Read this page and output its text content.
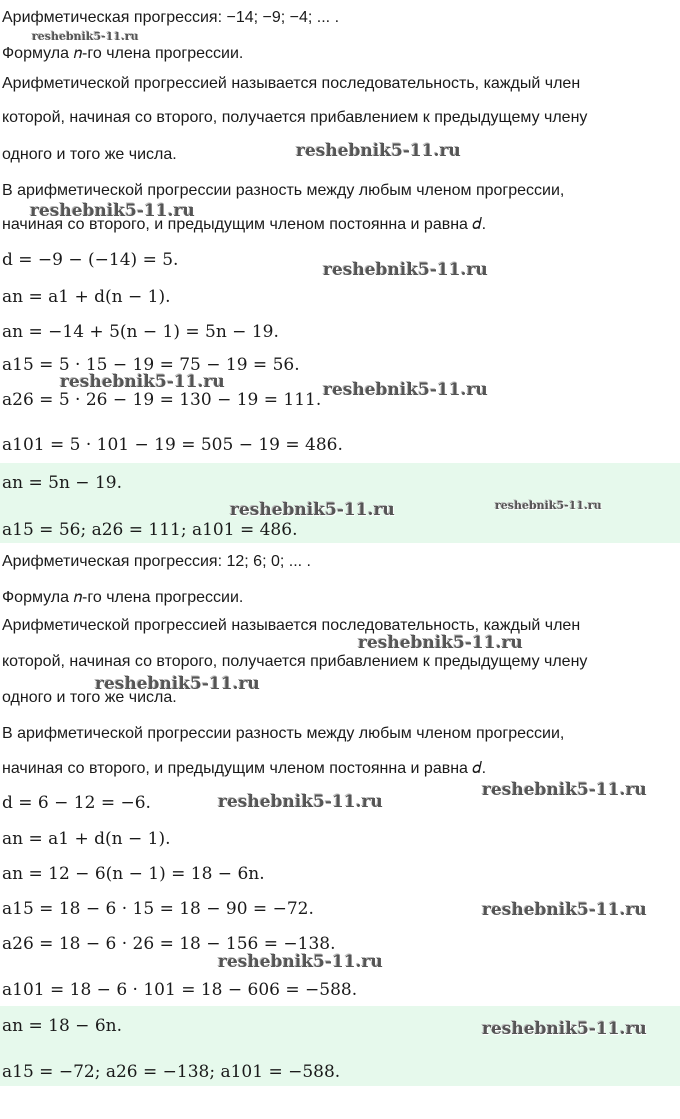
Арифметическая прогрессия: −14; −9; −4; ... .
Формула 𝑛-го члена прогрессии.
Арифметической прогрессией называется последовательность, каждый член
которой, начиная со второго, получается прибавлением к предыдущему члену
одного и того же числа.
В арифметической прогрессии разность между любым членом прогрессии,
начиная со второго, и предыдущим членом постоянна и равна 𝑑.
d = −9 − (−14) = 5.
an = a1 + d(n − 1).
an = −14 + 5(n − 1) = 5n − 19.
a15 = 5 · 15 − 19 = 75 − 19 = 56.
a26 = 5 · 26 − 19 = 130 − 19 = 111.
a101 = 5 · 101 − 19 = 505 − 19 = 486.
an = 5n − 19.
a15 = 56; a26 = 111; a101 = 486.
Арифметическая прогрессия: 12; 6; 0; ... .
Формула 𝑛-го члена прогрессии.
Арифметической прогрессией называется последовательность, каждый член
которой, начиная со второго, получается прибавлением к предыдущему члену
одного и того же числа.
В арифметической прогрессии разность между любым членом прогрессии,
начиная со второго, и предыдущим членом постоянна и равна 𝑑.
d = 6 − 12 = −6.
an = a1 + d(n − 1).
an = 12 − 6(n − 1) = 18 − 6n.
a15 = 18 − 6 · 15 = 18 − 90 = −72.
a26 = 18 − 6 · 26 = 18 − 156 = −138.
a101 = 18 − 6 · 101 = 18 − 606 = −588.
an = 18 − 6n.
a15 = −72; a26 = −138; a101 = −588.
reshebnik5-11.ru
reshebnik5-11.ru
reshebnik5-11.ru
reshebnik5-11.ru
reshebnik5-11.ru	reshebnik5-11.ru
reshebnik5-11.ru	reshebnik5-11.ru
reshebnik5-11.ru
reshebnik5-11.ru
reshebnik5-11.ru
reshebnik5-11.ru
reshebnik5-11.ru
reshebnik5-11.ru
reshebnik5-11.ru
